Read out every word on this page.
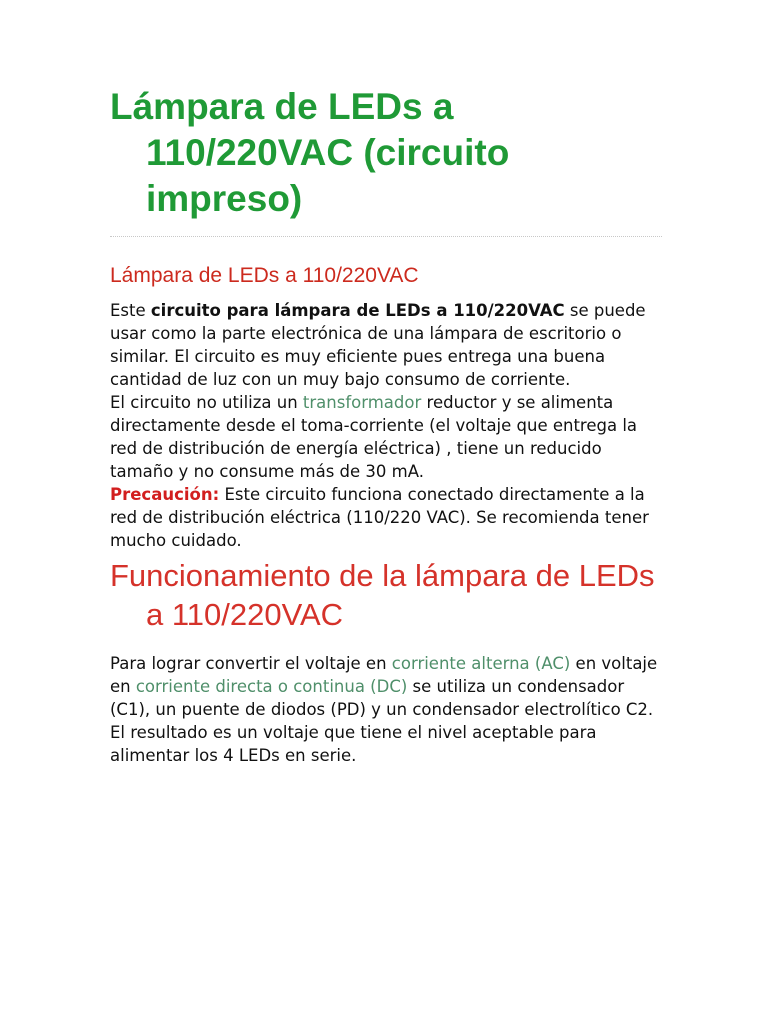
Lámpara de LEDs a 110/220VAC (circuito impreso)
Lámpara de LEDs a 110/220VAC

Este circuito para lámpara de LEDs a 110/220VAC se puede usar como la parte electrónica de una lámpara de escritorio o similar. El circuito es muy eficiente pues entrega una buena cantidad de luz con un muy bajo consumo de corriente.

El circuito no utiliza un transformador reductor y se alimenta directamente desde el toma-corriente (el voltaje que entrega la red de distribución de energía eléctrica) , tiene un reducido tamaño y no consume más de 30 mA.

Precaución: Este circuito funciona conectado directamente a la red de distribución eléctrica (110/220 VAC). Se recomienda tener mucho cuidado.

Funcionamiento de la lámpara de LEDs a 110/220VAC

Para lograr convertir el voltaje en corriente alterna (AC) en voltaje en corriente directa o continua (DC) se utiliza un condensador (C1), un puente de diodos (PD) y un condensador electrolítico C2. El resultado es un voltaje que tiene el nivel aceptable para alimentar los 4 LEDs en serie.
